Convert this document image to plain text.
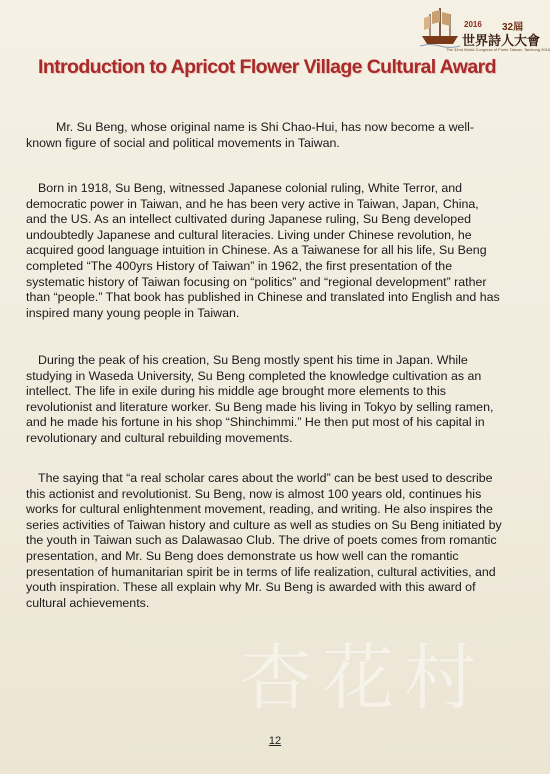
2016 32屆
世界詩人大會
The 32nd World Congress of Poets Taiwan, Taichung 2016
Introduction to Apricot Flower Village Cultural Award

Mr. Su Beng, whose original name is Shi Chao-Hui, has now become a well-known figure of social and political movements in Taiwan.

Born in 1918, Su Beng, witnessed Japanese colonial ruling, White Terror, and democratic power in Taiwan, and he has been very active in Taiwan, Japan, China, and the US. As an intellect cultivated during Japanese ruling, Su Beng developed undoubtedly Japanese and cultural literacies. Living under Chinese revolution, he acquired good language intuition in Chinese. As a Taiwanese for all his life, Su Beng completed “The 400yrs History of Taiwan” in 1962, the first presentation of the systematic history of Taiwan focusing on “politics” and “regional development” rather than “people.” That book has published in Chinese and translated into English and has inspired many young people in Taiwan.

During the peak of his creation, Su Beng mostly spent his time in Japan. While studying in Waseda University, Su Beng completed the knowledge cultivation as an intellect. The life in exile during his middle age brought more elements to this revolutionist and literature worker. Su Beng made his living in Tokyo by selling ramen, and he made his fortune in his shop “Shinchimmi.” He then put most of his capital in revolutionary and cultural rebuilding movements.

The saying that “a real scholar cares about the world” can be best used to describe this actionist and revolutionist. Su Beng, now is almost 100 years old, continues his works for cultural enlightenment movement, reading, and writing. He also inspires the series activities of Taiwan history and culture as well as studies on Su Beng initiated by the youth in Taiwan such as Dalawasao Club. The drive of poets comes from romantic presentation, and Mr. Su Beng does demonstrate us how well can the romantic presentation of humanitarian spirit be in terms of life realization, cultural activities, and youth inspiration. These all explain why Mr. Su Beng is awarded with this award of cultural achievements.

杏花村
12
